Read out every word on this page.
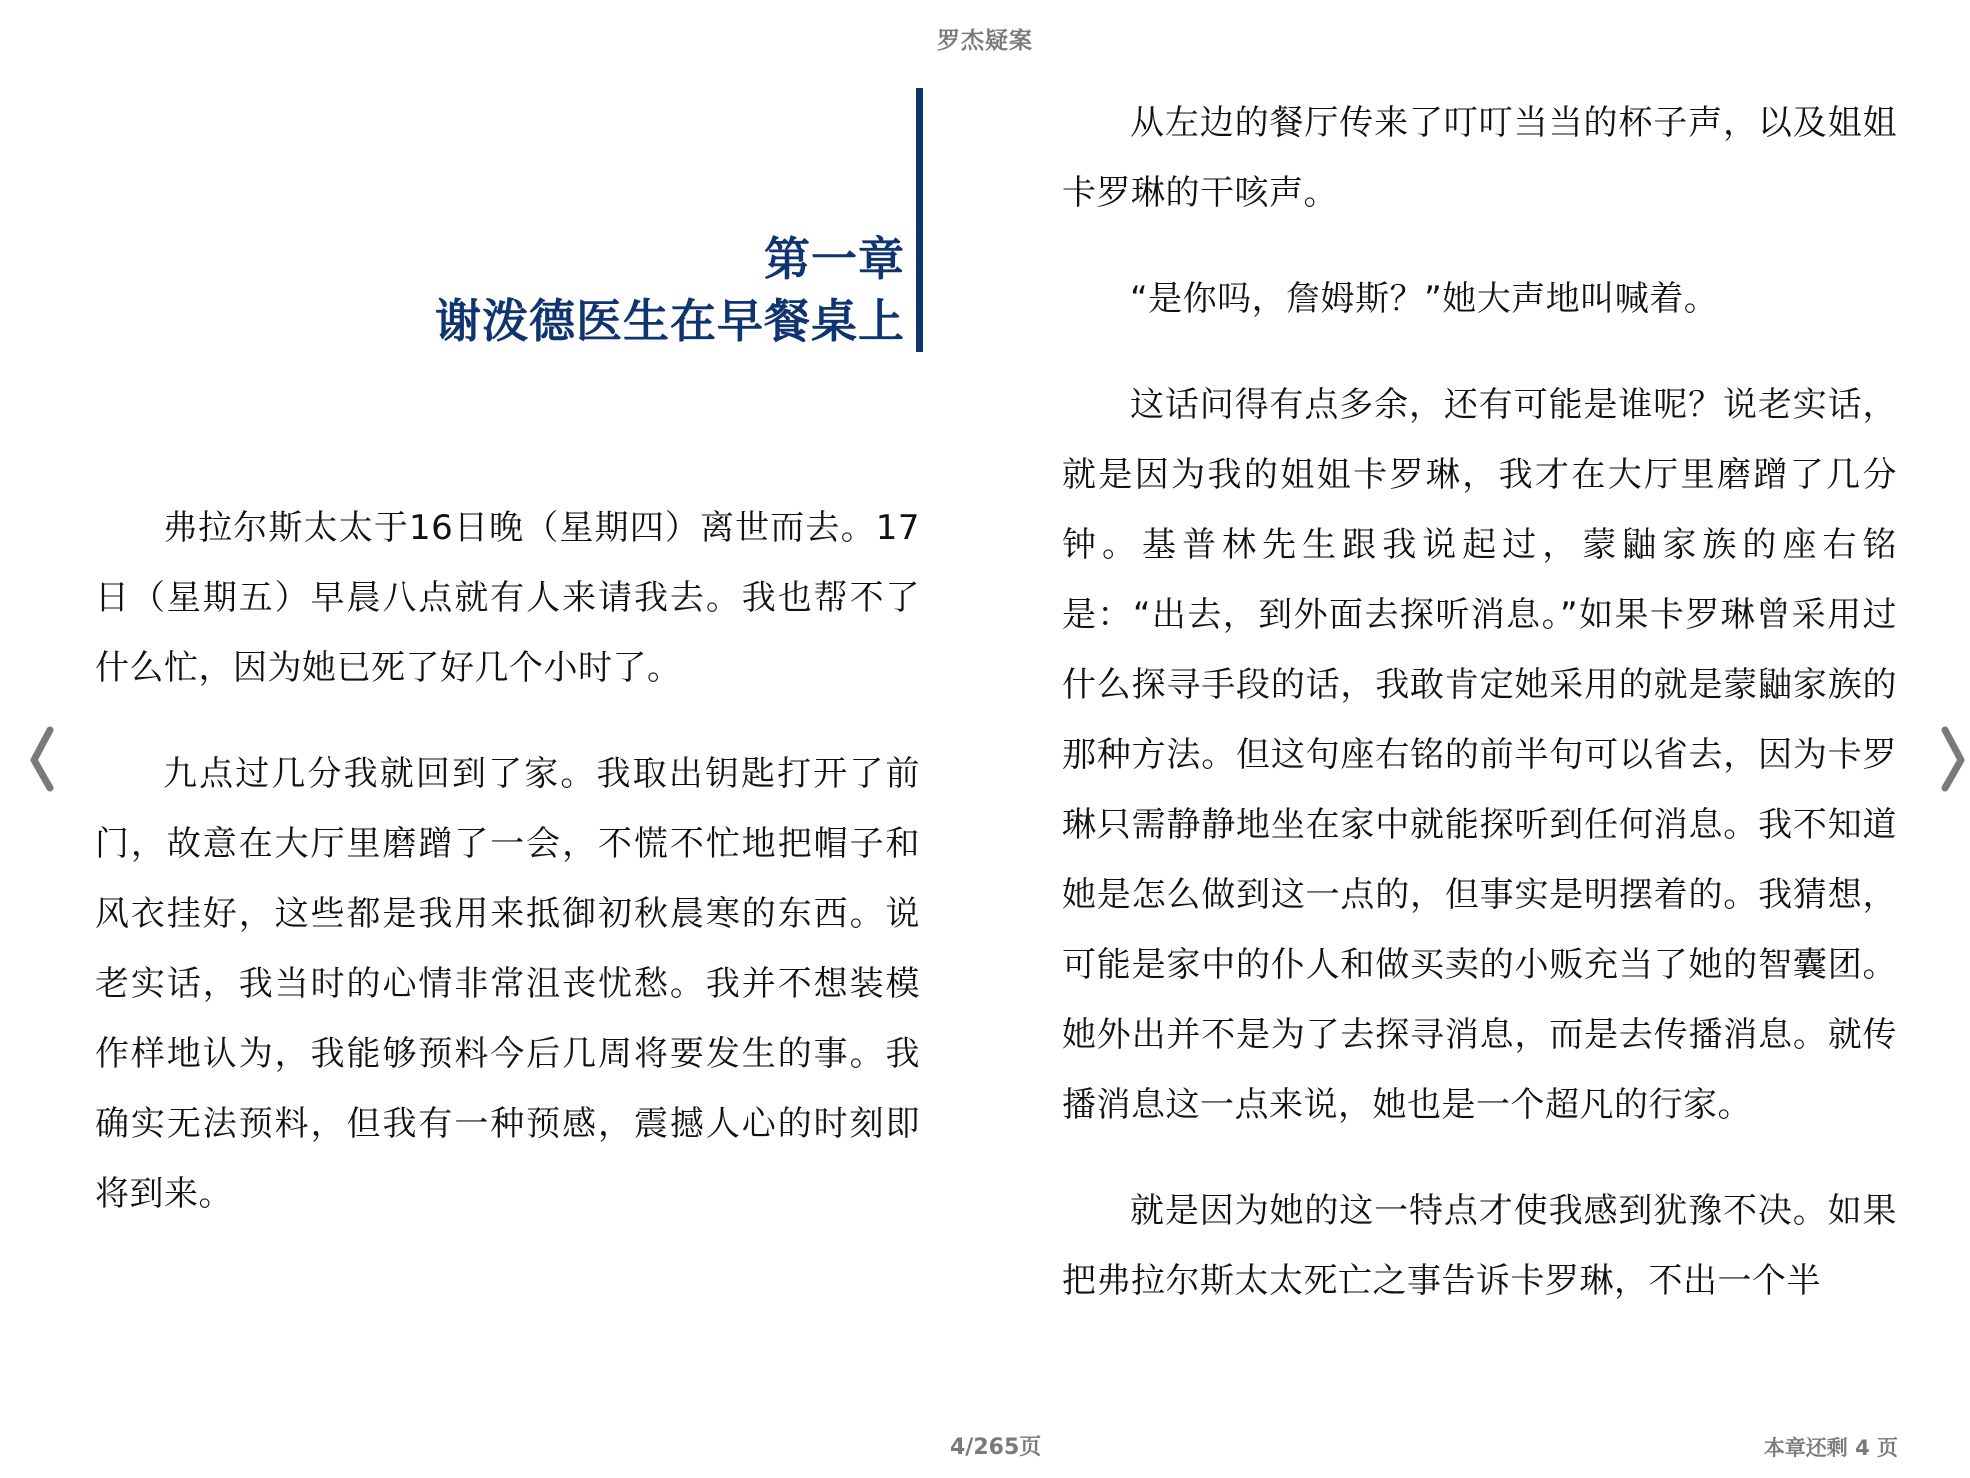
罗杰疑案
第一章
谢泼德医生在早餐桌上

弗拉尔斯太太于16日晚（星期四）离世而去。17日（星期五）早晨八点就有人来请我去。我也帮不了什么忙，因为她已死了好几个小时了。

九点过几分我就回到了家。我取出钥匙打开了前门，故意在大厅里磨蹭了一会，不慌不忙地把帽子和风衣挂好，这些都是我用来抵御初秋晨寒的东西。说老实话，我当时的心情非常沮丧忧愁。我并不想装模作样地认为，我能够预料今后几周将要发生的事。我确实无法预料，但我有一种预感，震撼人心的时刻即将到来。

从左边的餐厅传来了叮叮当当的杯子声，以及姐姐卡罗琳的干咳声。

“是你吗，詹姆斯？”她大声地叫喊着。

这话问得有点多余，还有可能是谁呢？说老实话，就是因为我的姐姐卡罗琳，我才在大厅里磨蹭了几分钟。基普林先生跟我说起过，蒙鼬家族的座右铭是：“出去，到外面去探听消息。”如果卡罗琳曾采用过什么探寻手段的话，我敢肯定她采用的就是蒙鼬家族的那种方法。但这句座右铭的前半句可以省去，因为卡罗琳只需静静地坐在家中就能探听到任何消息。我不知道她是怎么做到这一点的，但事实是明摆着的。我猜想，可能是家中的仆人和做买卖的小贩充当了她的智囊团。她外出并不是为了去探寻消息，而是去传播消息。就传播消息这一点来说，她也是一个超凡的行家。

就是因为她的这一特点才使我感到犹豫不决。如果把弗拉尔斯太太死亡之事告诉卡罗琳，不出一个半

4/265页	本章还剩 4 页
